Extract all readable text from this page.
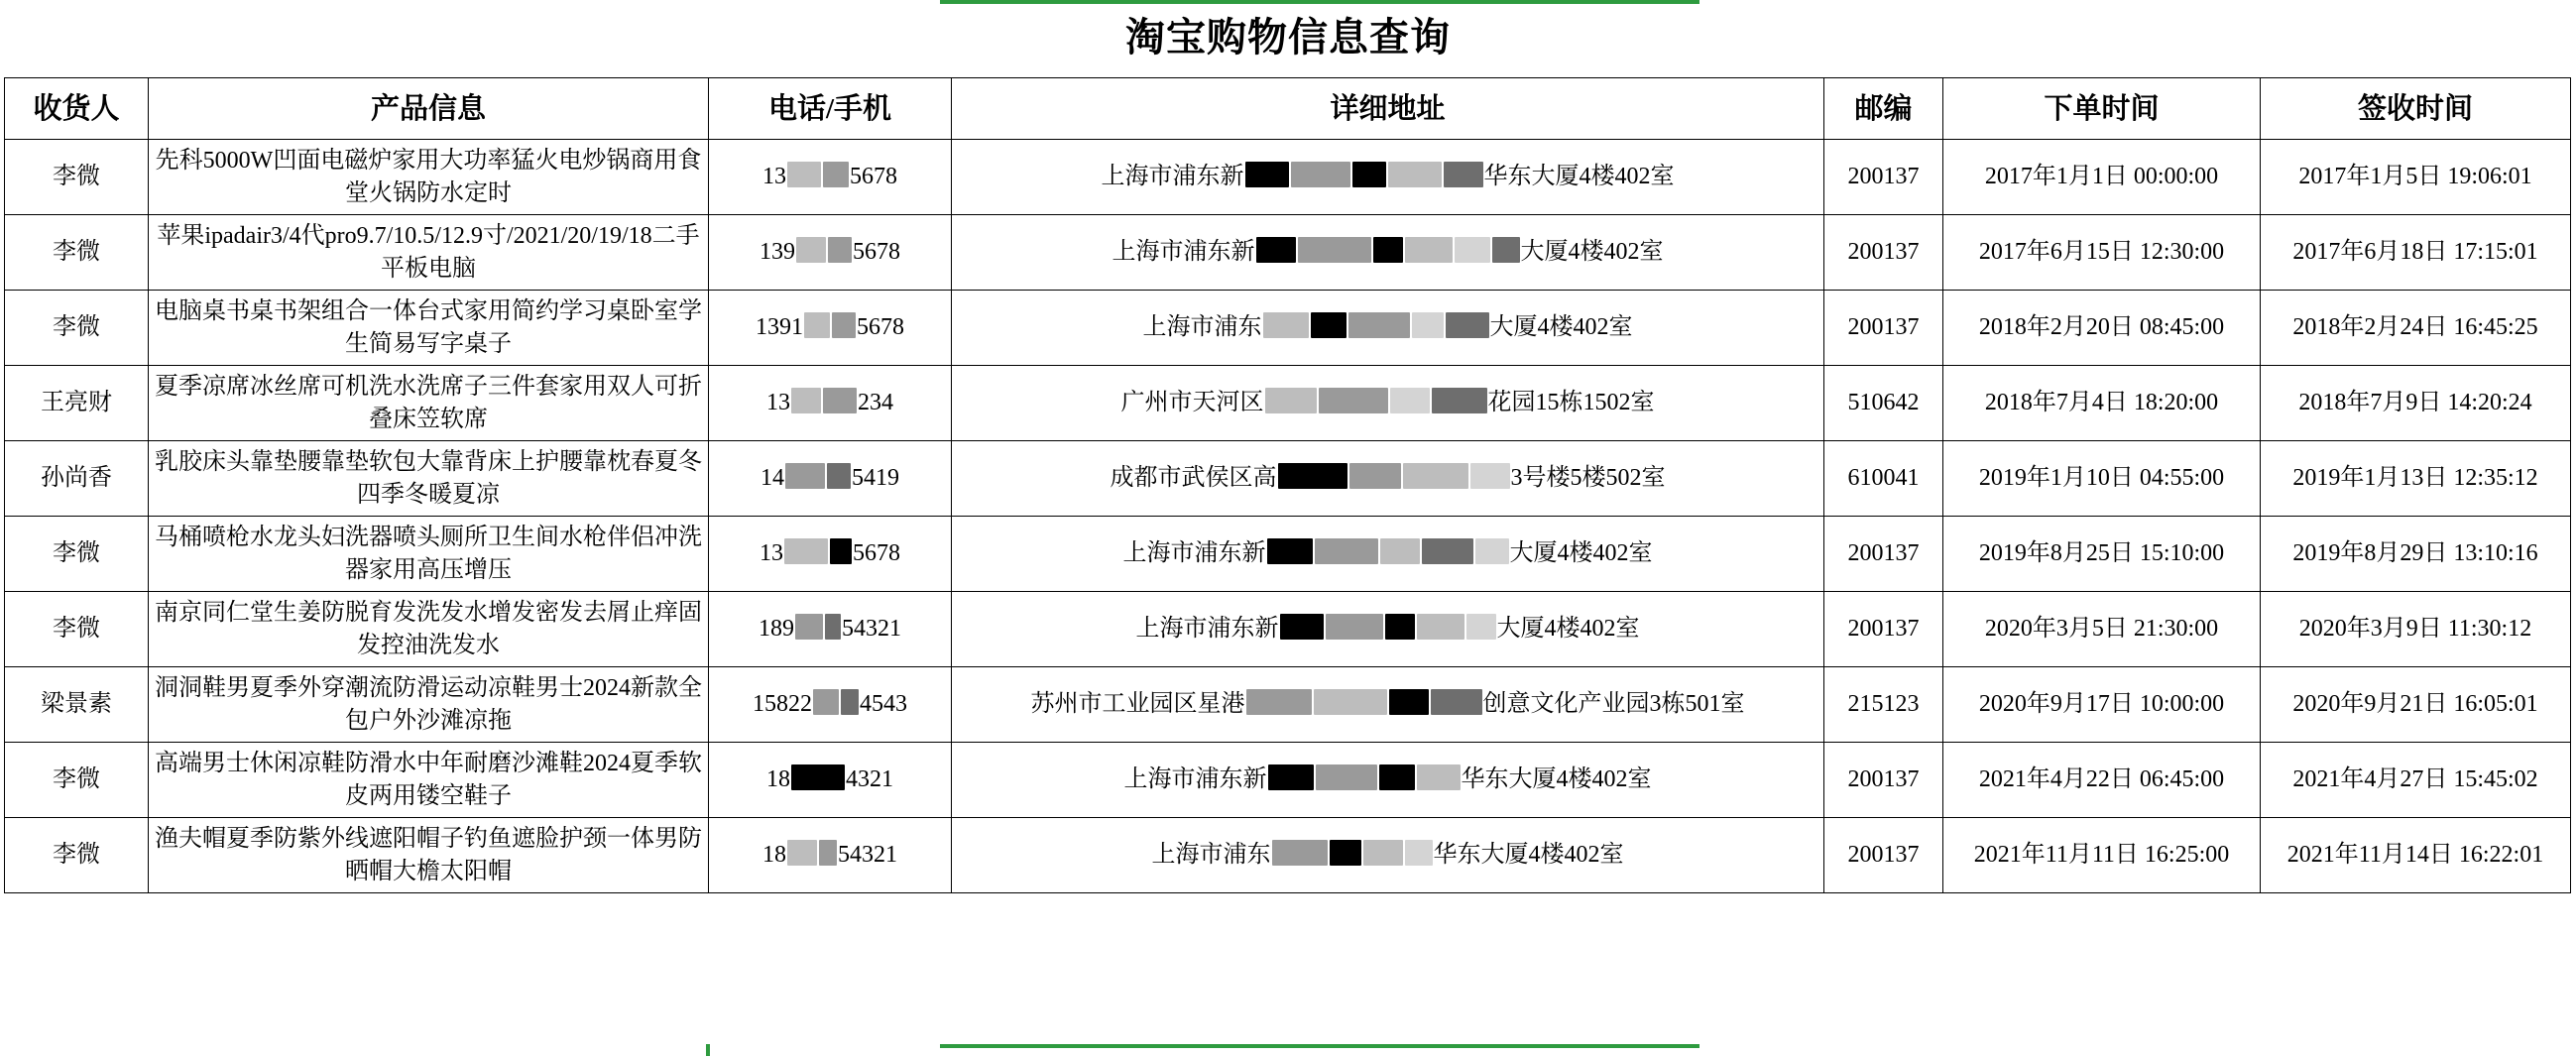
淘宝购物信息查询
收货人	产品信息	电话/手机	详细地址	邮编	下单时间	签收时间
李微	先科5000W凹面电磁炉家用大功率猛火电炒锅商用食堂火锅防水定时	13 5678	上海市浦东新 华东大厦4楼402室	200137	2017年1月1日 00:00:00	2017年1月5日 19:06:01
李微	苹果ipadair3/4代pro9.7/10.5/12.9寸/2021/20/19/18二手平板电脑	139 5678	上海市浦东新 大厦4楼402室	200137	2017年6月15日 12:30:00	2017年6月18日 17:15:01
李微	电脑桌书桌书架组合一体台式家用简约学习桌卧室学生简易写字桌子	1391 5678	上海市浦东 大厦4楼402室	200137	2018年2月20日 08:45:00	2018年2月24日 16:45:25
王亮财	夏季凉席冰丝席可机洗水洗席子三件套家用双人可折叠床笠软席	13 234	广州市天河区 花园15栋1502室	510642	2018年7月4日 18:20:00	2018年7月9日 14:20:24
孙尚香	乳胶床头靠垫腰靠垫软包大靠背床上护腰靠枕春夏冬四季冬暖夏凉	14 5419	成都市武侯区高 3号楼5楼502室	610041	2019年1月10日 04:55:00	2019年1月13日 12:35:12
李微	马桶喷枪水龙头妇洗器喷头厕所卫生间水枪伴侣冲洗器家用高压增压	13 5678	上海市浦东新 大厦4楼402室	200137	2019年8月25日 15:10:00	2019年8月29日 13:10:16
李微	南京同仁堂生姜防脱育发洗发水增发密发去屑止痒固发控油洗发水	189 54321	上海市浦东新 大厦4楼402室	200137	2020年3月5日 21:30:00	2020年3月9日 11:30:12
梁景素	洞洞鞋男夏季外穿潮流防滑运动凉鞋男士2024新款全包户外沙滩凉拖	15822 4543	苏州市工业园区星港 创意文化产业园3栋501室	215123	2020年9月17日 10:00:00	2020年9月21日 16:05:01
李微	高端男士休闲凉鞋防滑水中年耐磨沙滩鞋2024夏季软皮两用镂空鞋子	18 4321	上海市浦东新 华东大厦4楼402室	200137	2021年4月22日 06:45:00	2021年4月27日 15:45:02
李微	渔夫帽夏季防紫外线遮阳帽子钓鱼遮脸护颈一体男防晒帽大檐太阳帽	18 54321	上海市浦东 华东大厦4楼402室	200137	2021年11月11日 16:25:00	2021年11月14日 16:22:01
